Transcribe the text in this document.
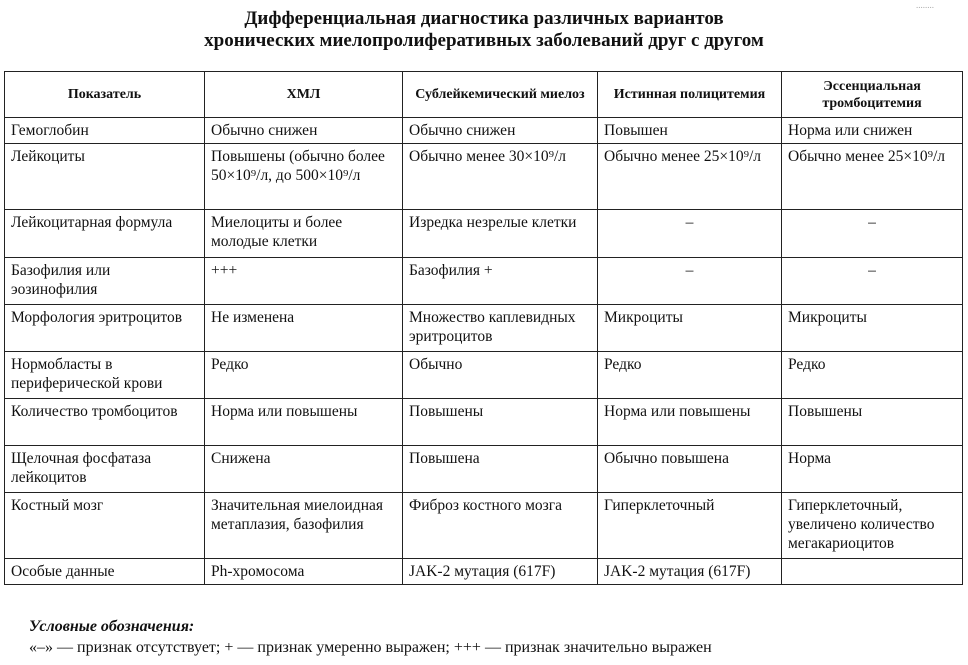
........
Дифференциальная диагностика различных вариантов
хронических миелопролиферативных заболеваний друг с другом
Показатель	ХМЛ	Сублейкемический миелоз	Истинная полицитемия	Эссенциальная тромбоцитемия
Гемоглобин	Обычно снижен	Обычно снижен	Повышен	Норма или снижен
Лейкоциты	Повышены (обычно более 50×10⁹/л, до 500×10⁹/л	Обычно менее 30×10⁹/л	Обычно менее 25×10⁹/л	Обычно менее 25×10⁹/л
Лейкоцитарная формула	Миелоциты и более молодые клетки	Изредка незрелые клетки	–	–
Базофилия или эозинофилия	+++	Базофилия +	–	–
Морфология эритроцитов	Не изменена	Множество каплевидных эритроцитов	Микроциты	Микроциты
Нормобласты в периферической крови	Редко	Обычно	Редко	Редко
Количество тромбоцитов	Норма или повышены	Повышены	Норма или повышены	Повышены
Щелочная фосфатаза лейкоцитов	Снижена	Повышена	Обычно повышена	Норма
Костный мозг	Значительная миелоидная метаплазия, базофилия	Фиброз костного мозга	Гиперклеточный	Гиперклеточный, увеличено количество мегакариоцитов
Особые данные	Ph-хромосома	JAK-2 мутация (617F)	JAK-2 мутация (617F)	
Условные обозначения:
«–» — признак отсутствует; + — признак умеренно выражен; +++ — признак значительно выражен
